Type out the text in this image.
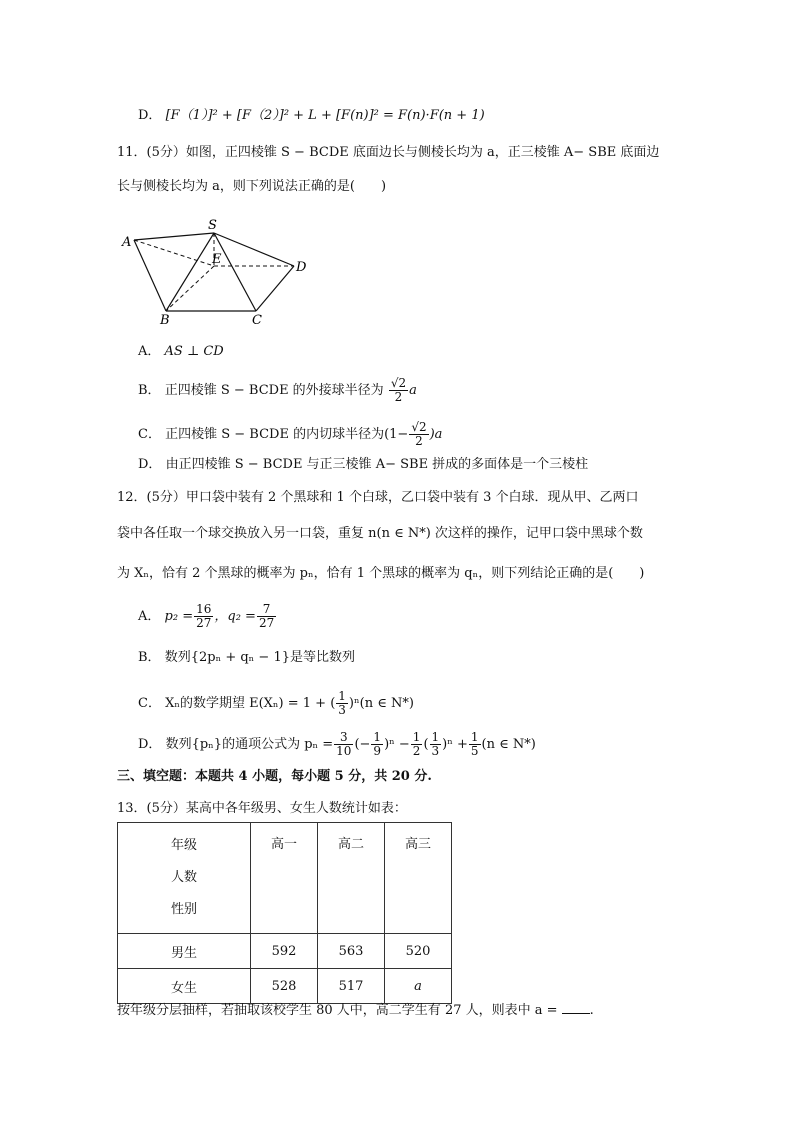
D． [F（1）]² + [F（2）]² + L + [F(n)]² = F(n)·F(n + 1)
11．(5分）如图，正四棱锥 S − BCDE 底面边长与侧棱长均为 a，正三棱锥 A− SBE 底面边
长与侧棱长均为 a，则下列说法正确的是(　　)
A
S
E
D
B	C
A． AS ⊥ CD
B． 正四棱锥 S − BCDE 的外接球半径为 $\frac{√2}{2}$ a
C． 正四棱锥 S − BCDE 的内切球半径为$(1- \frac{√2}{2} )a$
D． 由正四棱锥 S − BCDE 与正三棱锥 A− SBE 拼成的多面体是一个三棱柱
12．(5分）甲口袋中装有 2 个黑球和 1 个白球，乙口袋中装有 3 个白球．现从甲、乙两口
袋中各任取一个球交换放入另一口袋，重复 n(n ∈ N*) 次这样的操作，记甲口袋中黑球个数
为 Xₙ，恰有 2 个黑球的概率为 pₙ，恰有 1 个黑球的概率为 qₙ，则下列结论正确的是(　　)
A． $p_2 = \frac{16}{27}$ ，$q_2 = \frac{7}{27}$
B． 数列{2pₙ + qₙ − 1}是等比数列
C． Xₙ的数学期望 E(Xₙ) = 1 + ( $\frac{1}{3} )^n(n$ ∈ N*)
D． 数列{pₙ}的通项公式为 $p_n = \frac{3}{10}$ (− $\frac{1}{9} )^n - \frac{1}{2}$ ( $\frac{1}{3} )^n + \frac{1}{5} (n$ ∈ N*)
三、填空题：本题共 4 小题，每小题 5 分，共 20 分.
13．(5分）某高中各年级男、女生人数统计如表：
年级
人数
性别	高一	高二	高三
男生	592	563	520
女生	528	517	a
按年级分层抽样，若抽取该校学生 80 人中，高二学生有 27 人，则表中 a = .
